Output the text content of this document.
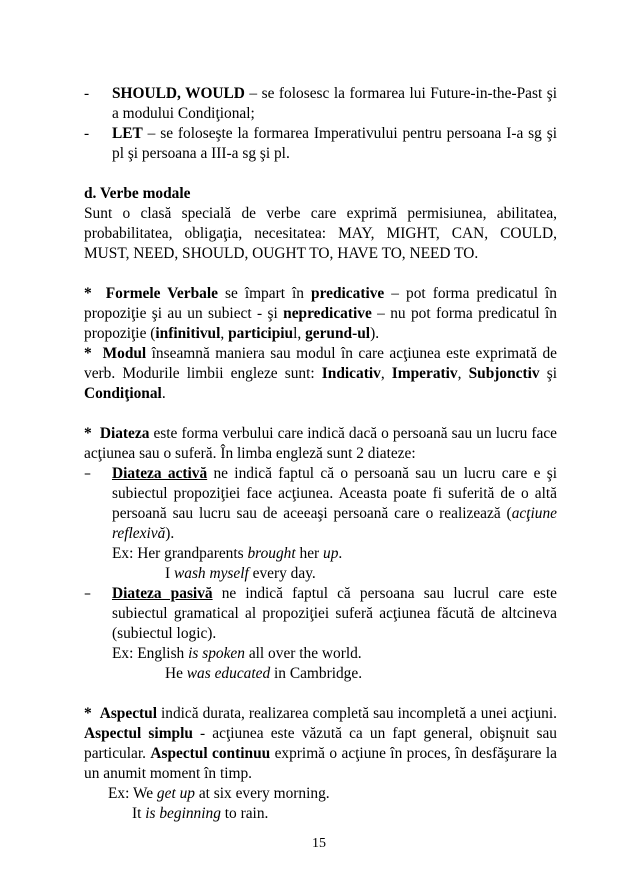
-	SHOULD, WOULD – se folosesc la formarea lui Future-in-the-Past şi a modului Condiţional;

-	LET – se foloseşte la formarea Imperativului pentru persoana I-a sg şi pl şi persoana a III-a sg şi pl.

d. Verbe modale

Sunt o clasă specială de verbe care exprimă permisiunea, abilitatea, probabilitatea, obligaţia, necesitatea: MAY, MIGHT, CAN, COULD, MUST, NEED, SHOULD, OUGHT TO, HAVE TO, NEED TO.

* Formele Verbale se împart în predicative – pot forma predicatul în propoziţie şi au un subiect - şi nepredicative – nu pot forma predicatul în propoziţie (infinitivul, participiul, gerund-ul).

* Modul înseamnă maniera sau modul în care acţiunea este exprimată de verb. Modurile limbii engleze sunt: Indicativ, Imperativ, Subjonctiv şi Condiţional.

* Diateza este forma verbului care indică dacă o persoană sau un lucru face acţiunea sau o suferă. În limba engleză sunt 2 diateze:

–	Diateza activă ne indică faptul că o persoană sau un lucru care e şi subiectul propoziţiei face acţiunea. Aceasta poate fi suferită de o altă persoană sau lucru sau de aceeaşi persoană care o realizează (acţiune reflexivă).

Ex: Her grandparents brought her up.

I wash myself every day.

–	Diateza pasivă ne indică faptul că persoana sau lucrul care este subiectul gramatical al propoziţiei suferă acţiunea făcută de altcineva (subiectul logic).

Ex: English is spoken all over the world.

He was educated in Cambridge.

* Aspectul indică durata, realizarea completă sau incompletă a unei acţiuni. Aspectul simplu - acţiunea este văzută ca un fapt general, obişnuit sau particular. Aspectul continuu exprimă o acţiune în proces, în desfăşurare la un anumit moment în timp.

Ex: We get up at six every morning.

It is beginning to rain.

15
